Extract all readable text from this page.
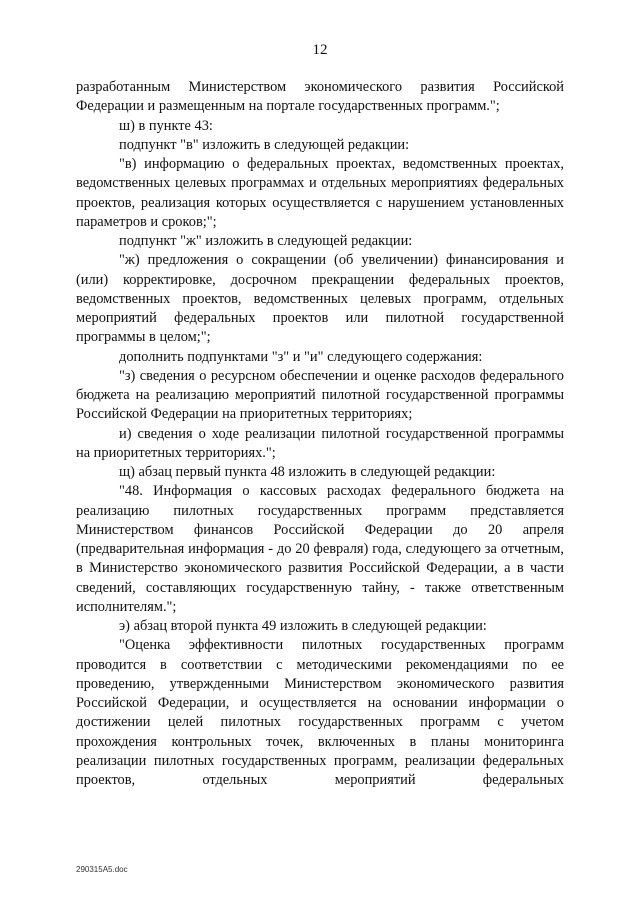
12

разработанным Министерством экономического развития Российской Федерации и размещенным на портале государственных программ.";

ш) в пункте 43:

подпункт "в" изложить в следующей редакции:

"в) информацию о федеральных проектах, ведомственных проектах, ведомственных целевых программах и отдельных мероприятиях федеральных проектов, реализация которых осуществляется с нарушением установленных параметров и сроков;";

подпункт "ж" изложить в следующей редакции:

"ж) предложения о сокращении (об увеличении) финансирования и (или) корректировке, досрочном прекращении федеральных проектов, ведомственных проектов, ведомственных целевых программ, отдельных мероприятий федеральных проектов или пилотной государственной программы в целом;";

дополнить подпунктами "з" и "и" следующего содержания:

"з) сведения о ресурсном обеспечении и оценке расходов федерального бюджета на реализацию мероприятий пилотной государственной программы Российской Федерации на приоритетных территориях;

и) сведения о ходе реализации пилотной государственной программы на приоритетных территориях.";

щ) абзац первый пункта 48 изложить в следующей редакции:

"48. Информация о кассовых расходах федерального бюджета на реализацию пилотных государственных программ представляется Министерством финансов Российской Федерации до 20 апреля (предварительная информация - до 20 февраля) года, следующего за отчетным, в Министерство экономического развития Российской Федерации, а в части сведений, составляющих государственную тайну, - также ответственным исполнителям.";

э) абзац второй пункта 49 изложить в следующей редакции:

"Оценка эффективности пилотных государственных программ проводится в соответствии с методическими рекомендациями по ее проведению, утвержденными Министерством экономического развития Российской Федерации, и осуществляется на основании информации о достижении целей пилотных государственных программ с учетом прохождения контрольных точек, включенных в планы мониторинга реализации пилотных государственных программ, реализации федеральных проектов, отдельных мероприятий федеральных

290315A5.doc
